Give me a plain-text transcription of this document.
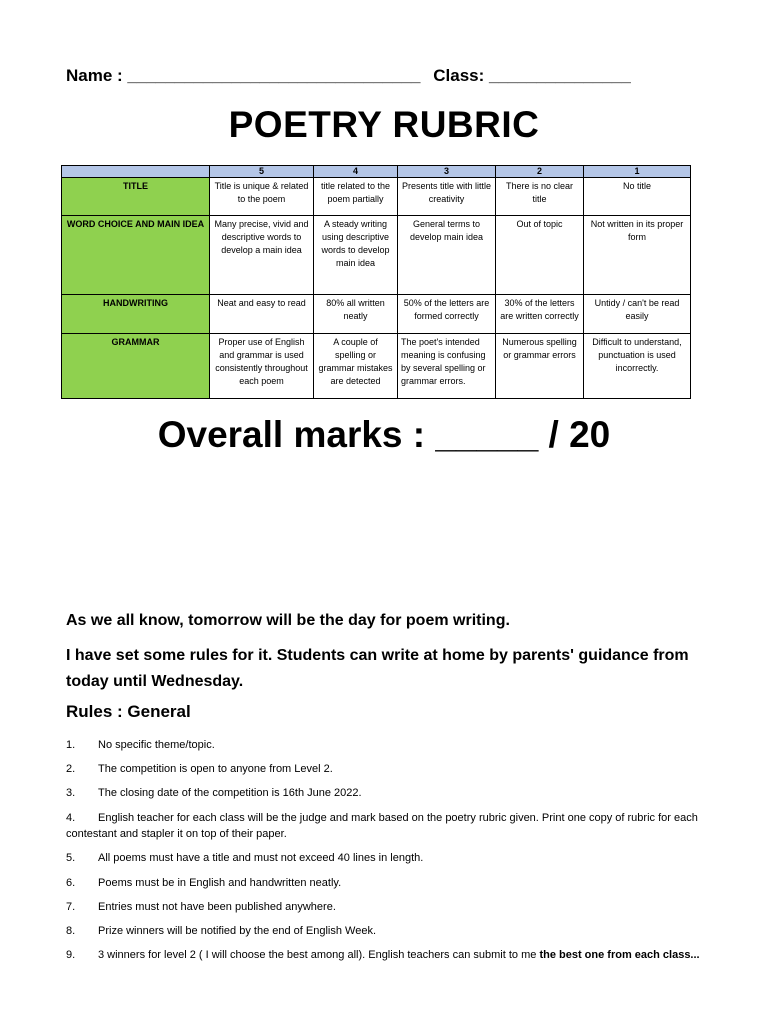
Name : _______________________________ Class: _______________
POETRY RUBRIC
	5	4	3	2	1
TITLE	Title is unique & related to the poem	title related to the poem partially	Presents title with little creativity	There is no clear title	No title
WORD CHOICE AND MAIN IDEA	Many precise, vivid and descriptive words to develop a main idea	A steady writing using descriptive words to develop main idea	General terms to develop main idea	Out of topic	Not written in its proper form
HANDWRITING	Neat and easy to read	80% all written neatly	50% of the letters are formed correctly	30% of the letters are written correctly	Untidy / can't be read easily
GRAMMAR	Proper use of English and grammar is used consistently throughout each poem	A couple of spelling or grammar mistakes are detected	The poet's intended meaning is confusing by several spelling or grammar errors.	Numerous spelling or grammar errors	Difficult to understand, punctuation is used incorrectly.
Overall marks : _____ / 20
As we all know, tomorrow will be the day for poem writing.
I have set some rules for it. Students can write at home by parents' guidance from today until Wednesday.
Rules : General
1. No specific theme/topic.
2. The competition is open to anyone from Level 2.
3. The closing date of the competition is 16th June 2022.
4. English teacher for each class will be the judge and mark based on the poetry rubric given. Print one copy of rubric for each contestant and stapler it on top of their paper.
5. All poems must have a title and must not exceed 40 lines in length.
6. Poems must be in English and handwritten neatly.
7. Entries must not have been published anywhere.
8. Prize winners will be notified by the end of English Week.
9. 3 winners for level 2 ( I will choose the best among all). English teachers can submit to me the best one from each class...
